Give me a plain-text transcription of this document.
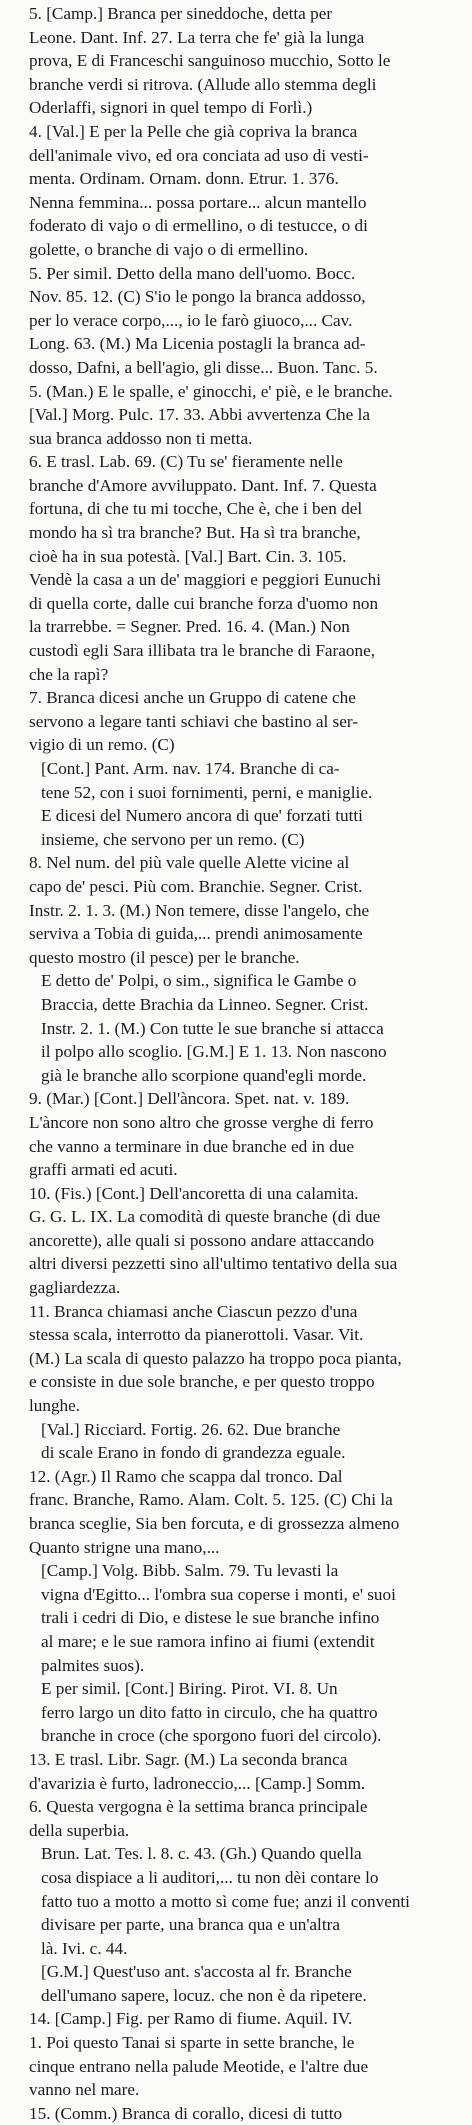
5. [Camp.] Branca per sineddoche, detta per
Leone. Dant. Inf. 27. La terra che fe' già la lunga
prova, E di Franceschi sanguinoso mucchio, Sotto le
branche verdi si ritrova. (Allude allo stemma degli
Oderlaffi, signori in quel tempo di Forlì.)
4. [Val.] E per la Pelle che già copriva la branca
dell'animale vivo, ed ora conciata ad uso di vesti-
menta. Ordinam. Ornam. donn. Etrur. 1. 376.
Nenna femmina... possa portare... alcun mantello
foderato di vajo o di ermellino, o di testucce, o di
golette, o branche di vajo o di ermellino.
5. Per simil. Detto della mano dell'uomo. Bocc.
Nov. 85. 12. (C) S'io le pongo la branca addosso,
per lo veracе corpo,..., io le farò giuoco,... Cav.
Long. 63. (M.) Ma Licenia postagli la branca ad-
dosso, Dafni, a bell'agio, gli disse... Buon. Tanc. 5.
5. (Man.) E le spalle, e' ginocchi, e' piè, e le branche.
[Val.] Morg. Pulc. 17. 33. Abbi avvertenza Che la
sua branca addosso non ti metta.
6. E trasl. Lab. 69. (C) Tu se' fieramente nelle
branche d'Amore avviluppato. Dant. Inf. 7. Questa
fortuna, di che tu mi tocche, Che è, che i ben del
mondo ha sì tra branche? But. Ha sì tra branche,
cioè ha in sua potestà. [Val.] Bart. Cin. 3. 105.
Vendè la casa a un de' maggiori e peggiori Eunuchi
di quella corte, dalle cui branche forza d'uomo non
la trarrebbe. = Segner. Pred. 16. 4. (Man.) Non
custodì egli Sara illibata tra le branche di Faraone,
che la rapì?
7. Branca dicesi anche un Gruppo di catene che
servono a legare tanti schiavi che bastino al ser-
vigio di un remo. (C)
[Cont.] Pant. Arm. nav. 174. Branche di ca-
tene 52, con i suoi fornimenti, perni, e maniglie.
E dicesi del Numero ancora di que' forzati tutti
insieme, che servono per un remo. (C)
8. Nel num. del più vale quelle Alette vicine al
capo de' pesci. Più com. Branchie. Segner. Crist.
Instr. 2. 1. 3. (M.) Non temere, disse l'angelo, che
serviva a Tobia di guida,... prendi animosamente
questo mostro (il pesce) per le branche.
E detto de' Polpi, o sim., significa le Gambe o
Braccia, dette Brachia da Linneo. Segner. Crist.
Instr. 2. 1. (M.) Con tutte le sue branche si attacca
il polpo allo scoglio. [G.M.] E 1. 13. Non nascono
già le branche allo scorpione quand'egli morde.
9. (Mar.) [Cont.] Dell'àncora. Spet. nat. v. 189.
L'àncore non sono altro che grosse verghe di ferro
che vanno a terminare in due branche ed in due
graffi armati ed acuti.
10. (Fis.) [Cont.] Dell'ancoretta di una calamita.
G. G. L. IX. La comodità di queste branche (di due
ancorette), alle quali si possono andare attaccando
altri diversi pezzetti sino all'ultimo tentativo della sua
gagliardezza.
11. Branca chiamasi anche Ciascun pezzo d'una
stessa scala, interrotto da pianerottoli. Vasar. Vit.
(M.) La scala di questo palazzo ha troppo poca pianta,
e consiste in due sole branche, e per questo troppo
lunghe.
[Val.] Ricciard. Fortig. 26. 62. Due branche
di scale Erano in fondo di grandezza eguale.
12. (Agr.) Il Ramo che scappa dal tronco. Dal
franc. Branche, Ramo. Alam. Colt. 5. 125. (C) Chi la
branca sceglie, Sia ben forcuta, e di grossezza almeno
Quanto strigne una mano,...
[Camp.] Volg. Bibb. Salm. 79. Tu levasti la
vigna d'Egitto... l'ombra sua coperse i monti, e' suoi
trali i cedri di Dio, e distese le sue branche infino
al mare; e le sue ramora infino ai fiumi (extendit
palmites suos).
E per simil. [Cont.] Biring. Pirot. VI. 8. Un
ferro largo un dito fatto in circulo, che ha quattro
branche in croce (che sporgono fuori del circolo).
13. E trasl. Libr. Sagr. (M.) La seconda branca
d'avarizia è furto, ladroneccio,... [Camp.] Somm.
6. Questa vergogna è la settima branca principale
della superbia.
Brun. Lat. Tes. l. 8. c. 43. (Gh.) Quando quella
cosa dispiace a li auditori,... tu non dèi contare lo
fatto tuo a motto a motto sì come fue; anzi il conventi
divisare per parte, una branca qua e un'altra
là. Ivi. c. 44.
[G.M.] Quest'uso ant. s'accosta al fr. Branche
dell'umano sapere, locuz. che non è da ripetere.
14. [Camp.] Fig. per Ramo di fiume. Aquil. IV.
1. Poi questo Tanai si sparte in sette branche, le
cinque entrano nella palude Meotide, e l'altre due
vanno nel mare.
15. (Comm.) Branca di corallo, dicesi di tutto
